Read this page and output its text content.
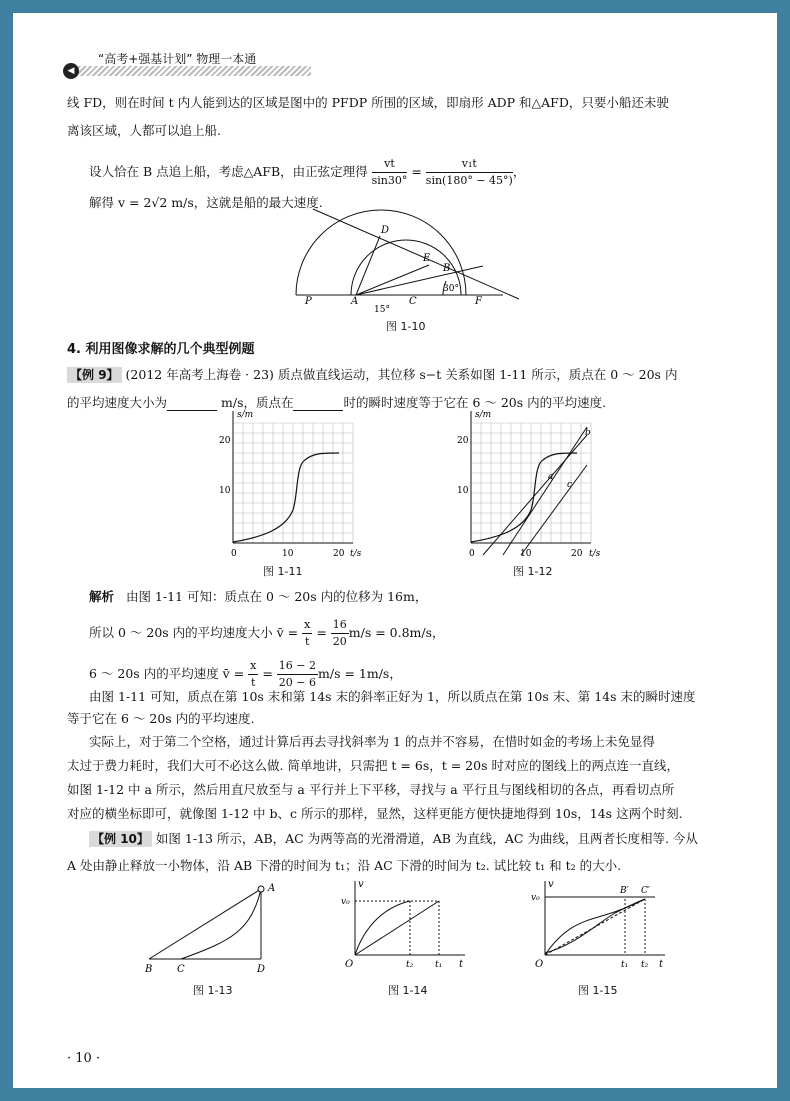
◀
“高考+强基计划” 物理一本通
线 FD，则在时间 t 内人能到达的区域是图中的 PFDP 所围的区域，即扇形 ADP 和△AFD，只要小船还未驶
离该区域，人都可以追上船.
设人恰在 B 点追上船，考虑△AFB，由正弦定理得 $\frac{vt}{\sin 30^\circ} = \frac{\text{v₁t}}{\sin(180^\circ - 45^\circ)}$ ，
解得 v = 2√2 m/s，这就是船的最大速度.
D
E
B
30°
P	A
15°
C	F
图 1-10
4. 利用图像求解的几个典型例题
【例 9】 (2012 年高考上海卷 · 23) 质点做直线运动，其位移 s−t 关系如图 1-11 所示，质点在 0 ～ 20s 内
的平均速度大小为	m/s，质点在	时的瞬时速度等于它在 6 ～ 20s 内的平均速度.
s/m
t/s
20
10
0	10	20
图 1-11
s/m
t/s
20
10
0	10	20
a
b
c
图 1-12
解析 由图 1-11 可知：质点在 0 ～ 20s 内的位移为 16m，
所以 0 ～ 20s 内的平均速度大小 v̄ = $\frac{x}{t} = \frac{16}{20} m/s = 0.8m/s$，
6 ～ 20s 内的平均速度 v̄ = $\frac{x}{t} = \frac{16 - 2}{20 - 6} m/s = 1m/s$，
由图 1-11 可知，质点在第 10s 末和第 14s 末的斜率正好为 1，所以质点在第 10s 末、第 14s 末的瞬时速度
等于它在 6 ～ 20s 内的平均速度.
实际上，对于第二个空格，通过计算后再去寻找斜率为 1 的点并不容易，在惜时如金的考场上未免显得
太过于费力耗时，我们大可不必这么做. 简单地讲，只需把 t = 6s，t = 20s 时对应的图线上的两点连一直线，
如图 1-12 中 a 所示，然后用直尺放至与 a 平行并上下平移，寻找与 a 平行且与图线相切的各点，再看切点所
对应的横坐标即可，就像图 1-12 中 b、c 所示的那样，显然，这样更能方便快捷地得到 10s，14s 这两个时刻.
【例 10】 如图 1-13 所示，AB，AC 为两等高的光滑滑道，AB 为直线，AC 为曲线，且两者长度相等. 今从
A 处由静止释放一小物体，沿 AB 下滑的时间为 t₁；沿 AC 下滑的时间为 t₂. 试比较 t₁ 和 t₂ 的大小.
A
B C	D
图 1-13
v
v₀
O	t₂ t₁ t
图 1-14
v
v₀
O
B′ C′
t₁ t₂ t
图 1-15
· 10 ·
